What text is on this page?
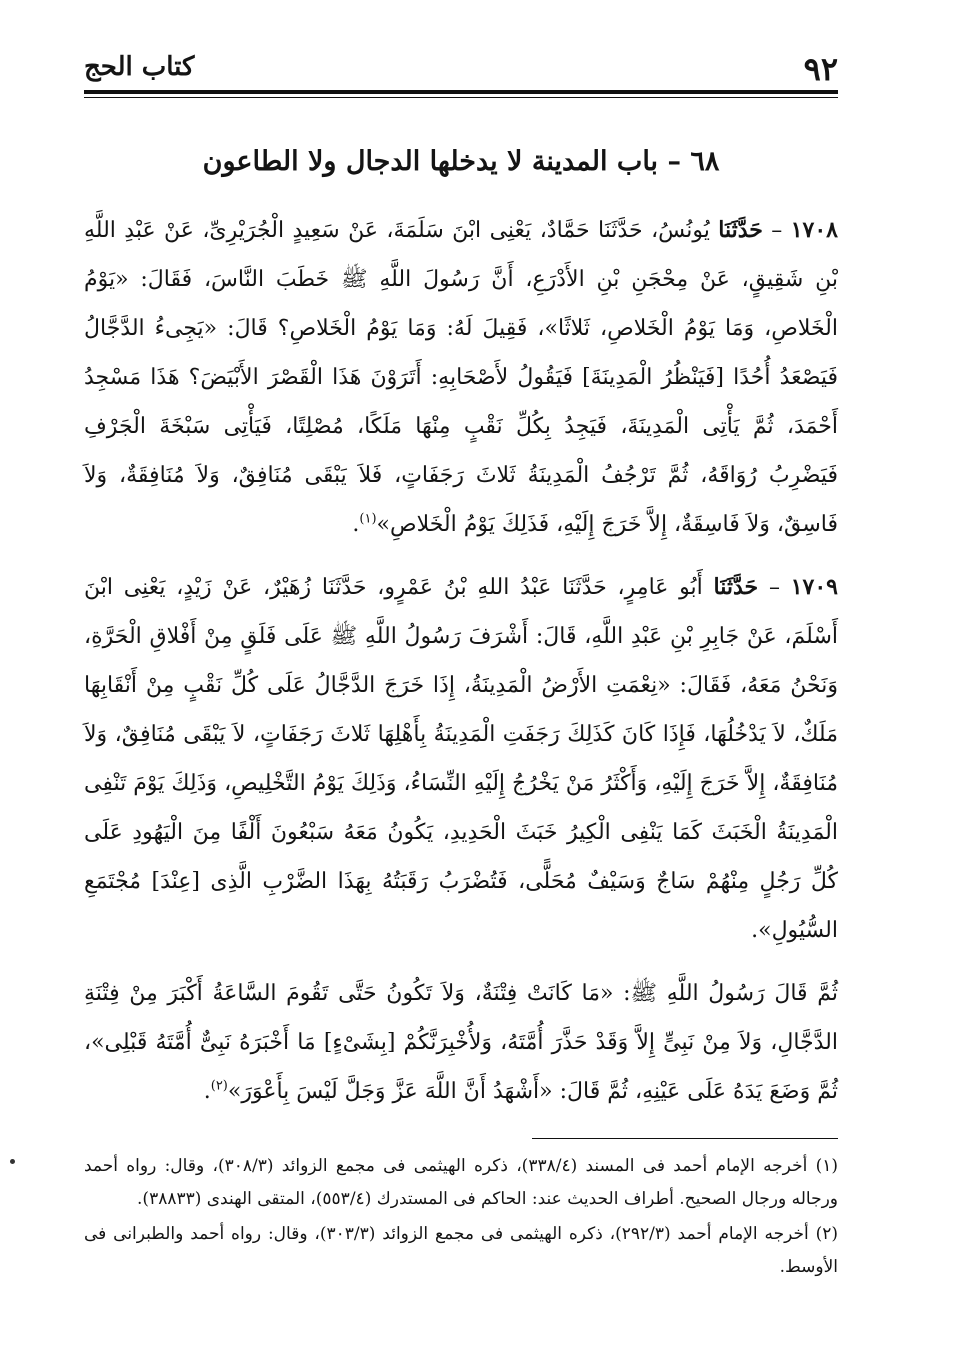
٩٢
كتاب الحج
٦٨ – باب المدينة لا يدخلها الدجال ولا الطاعون

١٧٠٨ – حَدَّثَنَا يُونُسُ، حَدَّثَنَا حَمَّادٌ، يَعْنِى ابْنَ سَلَمَةَ، عَنْ سَعِيدٍ الْجُرَيْرِىِّ، عَنْ عَبْدِ اللَّهِ بْنِ شَقِيقٍ، عَنْ مِحْجَنِ بْنِ الأَدْرَعِ، أَنَّ رَسُولَ اللَّهِ ﷺ خَطَبَ النَّاسَ، فَقَالَ: «يَوْمُ الْخَلاصِ، وَمَا يَوْمُ الْخَلاصِ، ثَلاثًا»، فَقِيلَ لَهُ: وَمَا يَوْمُ الْخَلاصِ؟ قَالَ: «يَجِىءُ الدَّجَّالُ فَيَصْعَدُ أُحُدًا [فَيَنْظُرُ الْمَدِينَةَ] فَيَقُولُ لأَصْحَابِهِ: أَتَرَوْنَ هَذَا الْقَصْرَ الأَبْيَضَ؟ هَذَا مَسْجِدُ أَحْمَدَ، ثُمَّ يَأْتِى الْمَدِينَةَ، فَيَجِدُ بِكُلِّ نَقْبٍ مِنْهَا مَلَكًا، مُصْلِتًا، فَيَأْتِى سَبْخَةَ الْجَرْفِ فَيَضْرِبُ رُوَاقَهُ، ثُمَّ تَرْجُفُ الْمَدِينَةُ ثَلاثَ رَجَفَاتٍ، فَلاَ يَبْقَى مُنَافِقٌ، وَلاَ مُنَافِقَةٌ، وَلاَ فَاسِقٌ، وَلاَ فَاسِقَةٌ، إِلاَّ خَرَجَ إِلَيْهِ، فَذَلِكَ يَوْمُ الْخَلاصِ»$^{(١)}$.

١٧٠٩ – حَدَّثَنَا أَبُو عَامِرٍ، حَدَّثَنَا عَبْدُ اللهِ بْنُ عَمْرٍو، حَدَّثَنَا زُهَيْرٌ، عَنْ زَيْدٍ، يَعْنِى ابْنَ أَسْلَمَ، عَنْ جَابِرِ بْنِ عَبْدِ اللَّهِ، قَالَ: أَشْرَفَ رَسُولُ اللَّهِ ﷺ عَلَى فَلَقٍ مِنْ أَفْلاقِ الْحَرَّةِ، وَنَحْنُ مَعَهُ، فَقَالَ: «نِعْمَتِ الأَرْضُ الْمَدِينَةُ، إِذَا خَرَجَ الدَّجَّالُ عَلَى كُلِّ نَقْبٍ مِنْ أَنْقَابِهَا مَلَكٌ، لاَ يَدْخُلُهَا، فَإِذَا كَانَ كَذَلِكَ رَجَفَتِ الْمَدِينَةُ بِأَهْلِهَا ثَلاثَ رَجَفَاتٍ، لاَ يَبْقَى مُنَافِقٌ، وَلاَ مُنَافِقَةٌ، إِلاَّ خَرَجَ إِلَيْهِ، وَأَكْثَرُ مَنْ يَخْرُجُ إِلَيْهِ النِّسَاءُ، وَذَلِكَ يَوْمُ التَّخْلِيصِ، وَذَلِكَ يَوْمَ تَنْفِى الْمَدِينَةُ الْخَبَثَ كَمَا يَنْفِى الْكِيرُ خَبَثَ الْحَدِيدِ، يَكُونُ مَعَهُ سَبْعُونَ أَلْفًا مِنَ الْيَهُودِ عَلَى كُلِّ رَجُلٍ مِنْهُمْ سَاجٌ وَسَيْفٌ مُحَلًّى، فَتُضْرَبُ رَقَبَتُهُ بِهَذَا الضَّرْبِ الَّذِى [عِنْدَ] مُجْتَمَعِ السُّيُولِ».

ثُمَّ قَالَ رَسُولُ اللَّهِ ﷺ: «مَا كَانَتْ فِتْنَةٌ، وَلاَ تَكُونُ حَتَّى تَقُومَ السَّاعَةُ أَكْبَرَ مِنْ فِتْنَةِ الدَّجَّالِ، وَلاَ مِنْ نَبِىٍّ إِلاَّ وَقَدْ حَذَّرَ أُمَّتَهُ، وَلأُخْبِرَنَّكُمْ [بِشَىْءٍ] مَا أَخْبَرَهُ نَبِىٌّ أُمَّتَهُ قَبْلِى»، ثُمَّ وَضَعَ يَدَهُ عَلَى عَيْنِهِ، ثُمَّ قَالَ: «أَشْهَدُ أَنَّ اللَّهَ عَزَّ وَجَلَّ لَيْسَ بِأَعْوَرَ»$^{(٢)}$.

(١) أخرجه الإمام أحمد فى المسند (٣٣٨/٤)، ذكره الهيثمى فى مجمع الزوائد (٣٠٨/٣)، وقال: رواه أحمد ورجاله ورجال الصحيح. أطراف الحديث عند: الحاكم فى المستدرك (٥٥٣/٤)، المتقى الهندى (٣٨٨٣٣).

(٢) أخرجه الإمام أحمد (٢٩٢/٣)، ذكره الهيثمى فى مجمع الزوائد (٣٠٣/٣)، وقال: رواه أحمد والطبرانى فى الأوسط.
